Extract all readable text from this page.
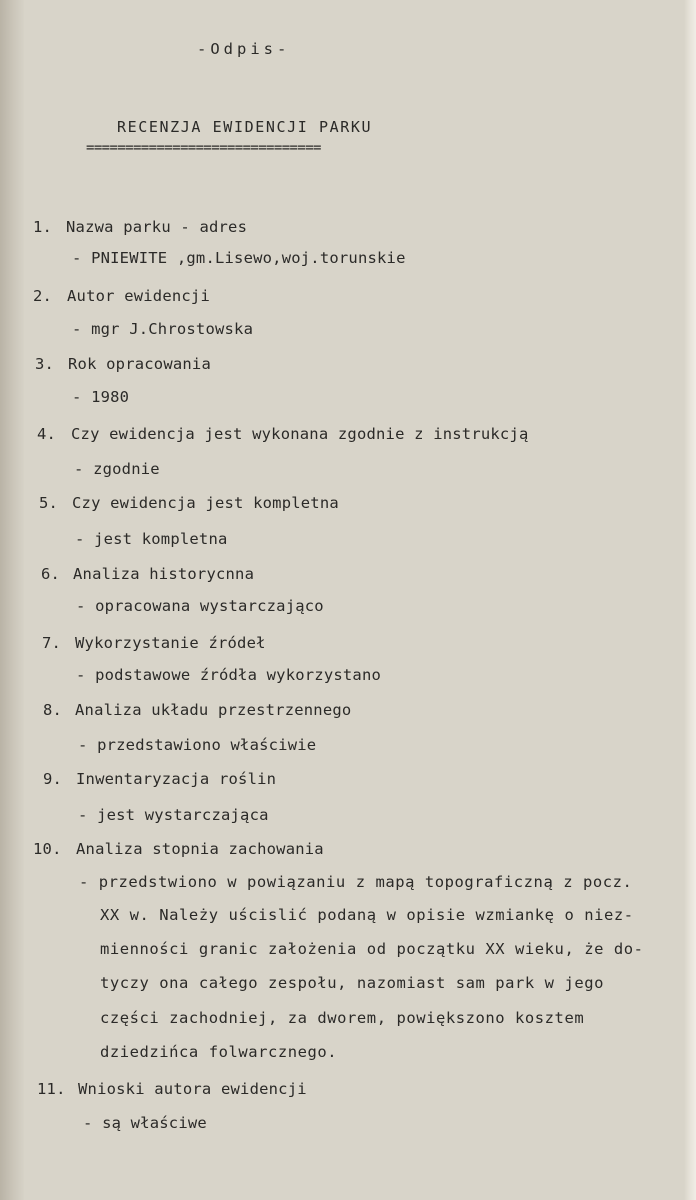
-Odpis-
RECENZJA EWIDENCJI PARKU
==============================
1. Nazwa parku - adres
- PNIEWITE ,gm.Lisewo,woj.torunskie
2. Autor ewidencji
- mgr J.Chrostowska
3. Rok opracowania
- 1980
4. Czy ewidencja jest wykonana zgodnie z instrukcją
- zgodnie
5. Czy ewidencja jest kompletna
- jest kompletna
6. Analiza historycnna
- opracowana wystarczająco
7. Wykorzystanie źródeł
- podstawowe źródła wykorzystano
8. Analiza układu przestrzennego
- przedstawiono właściwie
9. Inwentaryzacja roślin
- jest wystarczająca
10. Analiza stopnia zachowania
- przedstwiono w powiązaniu z mapą topograficzną z pocz.
XX w. Należy uścislić podaną w opisie wzmiankę o niez-
mienności granic założenia od początku XX wieku, że do-
tyczy ona całego zespołu, nazomiast sam park w jego
części zachodniej, za dworem, powiększono kosztem
dziedzińca folwarcznego.
11. Wnioski autora ewidencji
- są właściwe
